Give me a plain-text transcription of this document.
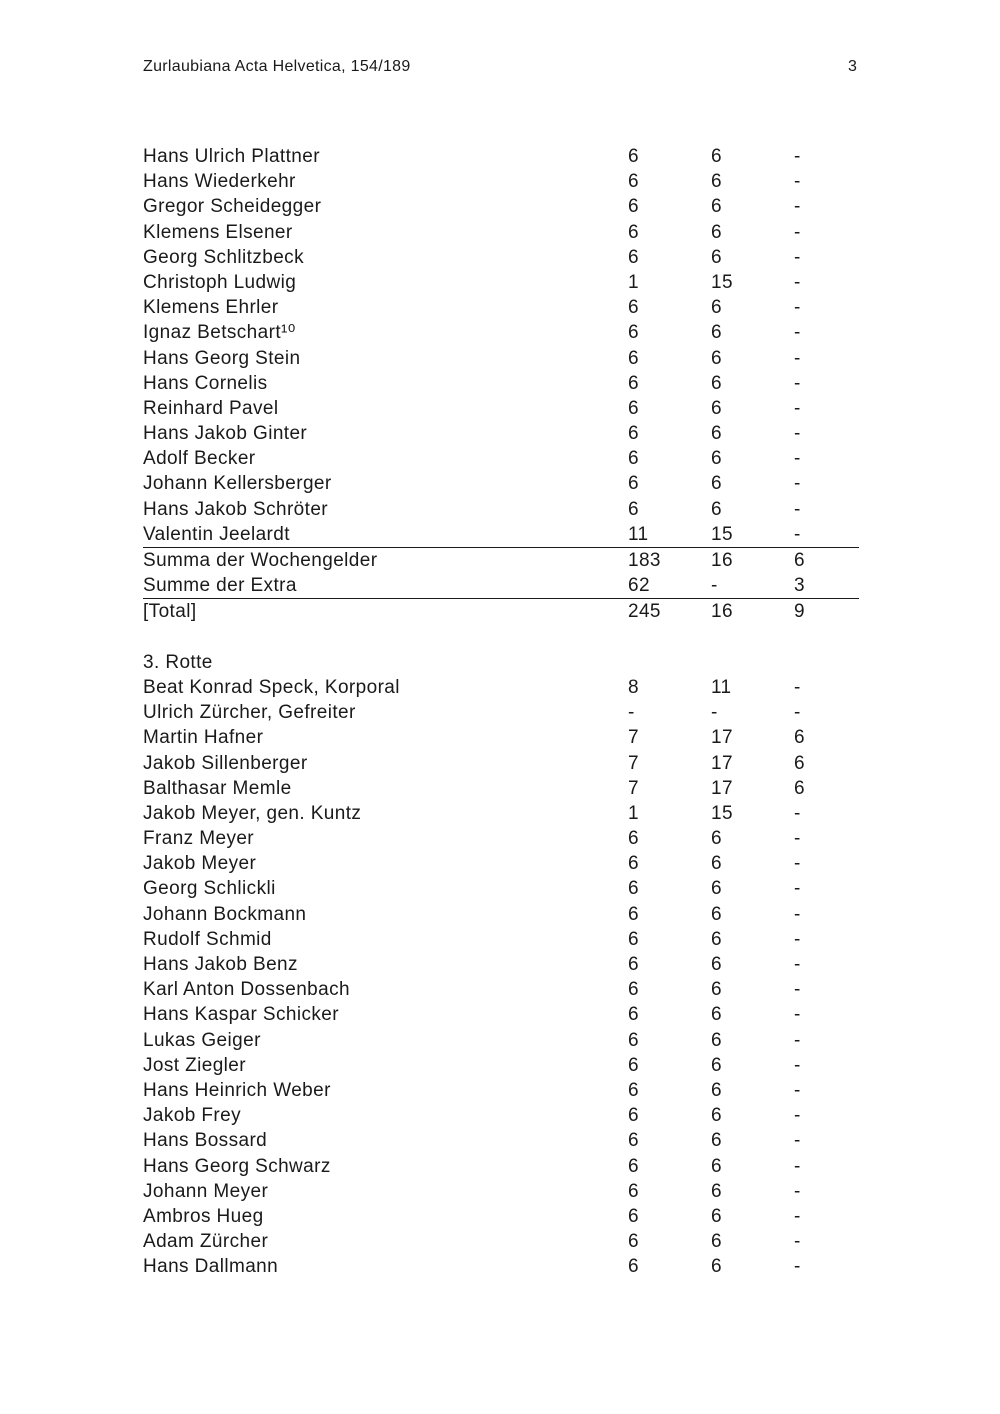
Zurlaubiana Acta Helvetica, 154/189	3
Hans Ulrich Plattner	6	6	-
Hans Wiederkehr	6	6	-
Gregor Scheidegger	6	6	-
Klemens Elsener	6	6	-
Georg Schlitzbeck	6	6	-
Christoph Ludwig	1	15	-
Klemens Ehrler	6	6	-
Ignaz Betschart¹⁰	6	6	-
Hans Georg Stein	6	6	-
Hans Cornelis	6	6	-
Reinhard Pavel	6	6	-
Hans Jakob Ginter	6	6	-
Adolf Becker	6	6	-
Johann Kellersberger	6	6	-
Hans Jakob Schröter	6	6	-
Valentin Jeelardt	11	15	-
Summa der Wochengelder	183	16	6
Summe der Extra	62	-	3
[Total]	245	16	9
3. Rotte
Beat Konrad Speck, Korporal	8	11	-
Ulrich Zürcher, Gefreiter	-	-	-
Martin Hafner	7	17	6
Jakob Sillenberger	7	17	6
Balthasar Memle	7	17	6
Jakob Meyer, gen. Kuntz	1	15	-
Franz Meyer	6	6	-
Jakob Meyer	6	6	-
Georg Schlickli	6	6	-
Johann Bockmann	6	6	-
Rudolf Schmid	6	6	-
Hans Jakob Benz	6	6	-
Karl Anton Dossenbach	6	6	-
Hans Kaspar Schicker	6	6	-
Lukas Geiger	6	6	-
Jost Ziegler	6	6	-
Hans Heinrich Weber	6	6	-
Jakob Frey	6	6	-
Hans Bossard	6	6	-
Hans Georg Schwarz	6	6	-
Johann Meyer	6	6	-
Ambros Hueg	6	6	-
Adam Zürcher	6	6	-
Hans Dallmann	6	6	-
